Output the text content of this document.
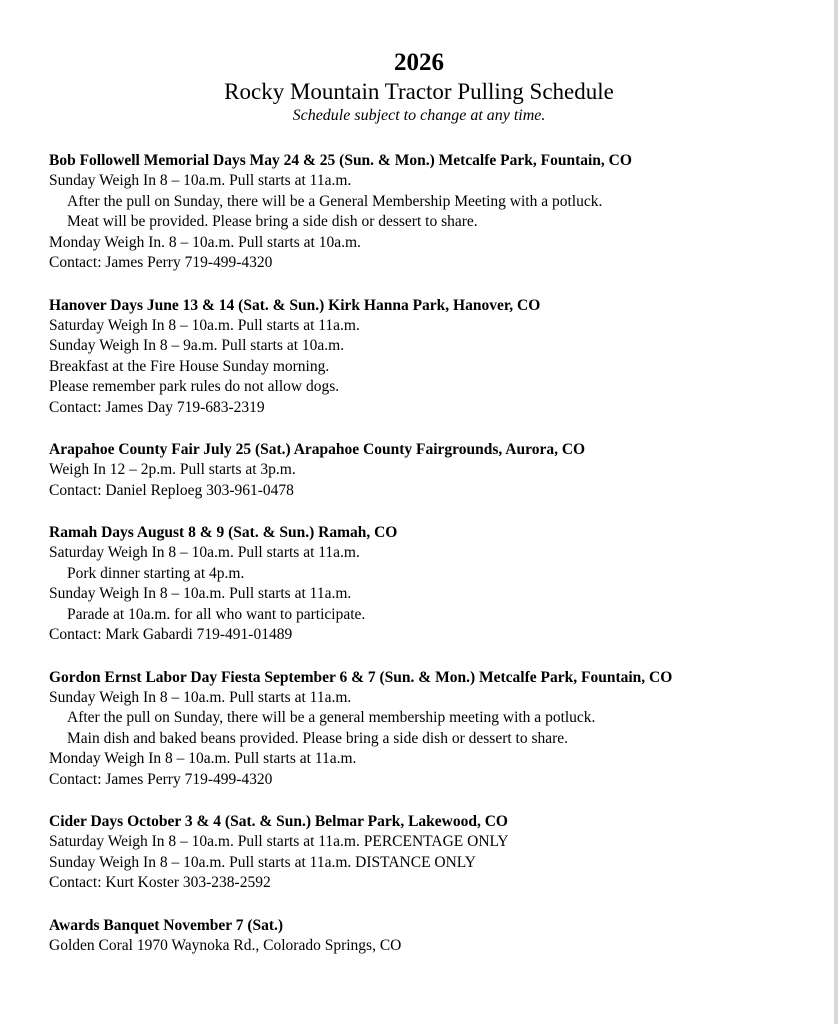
2026
Rocky Mountain Tractor Pulling Schedule
Schedule subject to change at any time.
Bob Followell Memorial Days May 24 & 25 (Sun. & Mon.) Metcalfe Park, Fountain, CO
Sunday Weigh In 8 – 10a.m. Pull starts at 11a.m.
After the pull on Sunday, there will be a General Membership Meeting with a potluck.
Meat will be provided. Please bring a side dish or dessert to share.
Monday Weigh In. 8 – 10a.m. Pull starts at 10a.m.
Contact: James Perry 719-499-4320
Hanover Days June 13 & 14 (Sat. & Sun.) Kirk Hanna Park, Hanover, CO
Saturday Weigh In 8 – 10a.m. Pull starts at 11a.m.
Sunday Weigh In 8 – 9a.m. Pull starts at 10a.m.
Breakfast at the Fire House Sunday morning.
Please remember park rules do not allow dogs.
Contact: James Day 719-683-2319
Arapahoe County Fair July 25 (Sat.) Arapahoe County Fairgrounds, Aurora, CO
Weigh In 12 – 2p.m. Pull starts at 3p.m.
Contact: Daniel Reploeg 303-961-0478
Ramah Days August 8 & 9 (Sat. & Sun.) Ramah, CO
Saturday Weigh In 8 – 10a.m. Pull starts at 11a.m.
Pork dinner starting at 4p.m.
Sunday Weigh In 8 – 10a.m. Pull starts at 11a.m.
Parade at 10a.m. for all who want to participate.
Contact: Mark Gabardi 719-491-01489
Gordon Ernst Labor Day Fiesta September 6 & 7 (Sun. & Mon.) Metcalfe Park, Fountain, CO
Sunday Weigh In 8 – 10a.m. Pull starts at 11a.m.
After the pull on Sunday, there will be a general membership meeting with a potluck.
Main dish and baked beans provided. Please bring a side dish or dessert to share.
Monday Weigh In 8 – 10a.m. Pull starts at 11a.m.
Contact: James Perry 719-499-4320
Cider Days October 3 & 4 (Sat. & Sun.) Belmar Park, Lakewood, CO
Saturday Weigh In 8 – 10a.m. Pull starts at 11a.m. PERCENTAGE ONLY
Sunday Weigh In 8 – 10a.m. Pull starts at 11a.m. DISTANCE ONLY
Contact: Kurt Koster 303-238-2592
Awards Banquet November 7 (Sat.)
Golden Coral 1970 Waynoka Rd., Colorado Springs, CO
